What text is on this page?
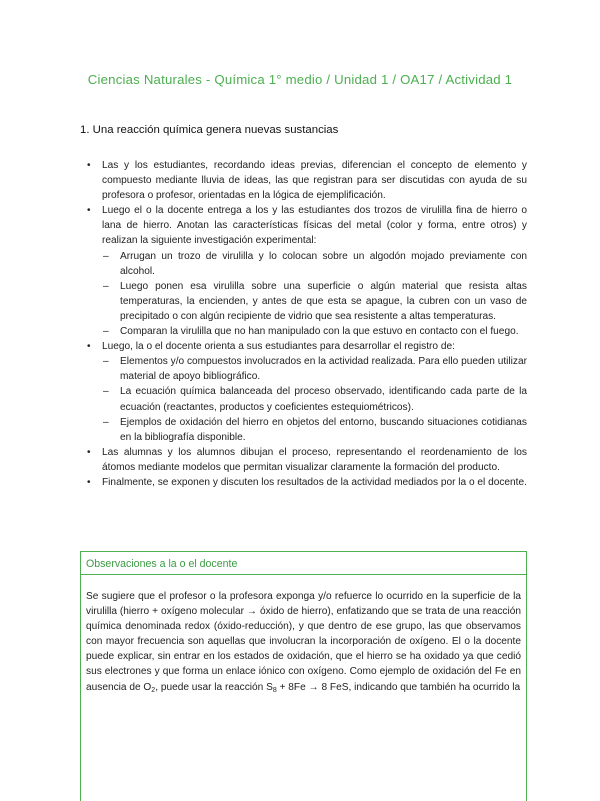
Ciencias Naturales - Química 1° medio / Unidad 1 / OA17 / Actividad 1
1. Una reacción química genera nuevas sustancias
• Las y los estudiantes, recordando ideas previas, diferencian el concepto de elemento y compuesto mediante lluvia de ideas, las que registran para ser discutidas con ayuda de su profesora o profesor, orientadas en la lógica de ejemplificación.
• Luego el o la docente entrega a los y las estudiantes dos trozos de virulilla fina de hierro o lana de hierro. Anotan las características físicas del metal (color y forma, entre otros) y realizan la siguiente investigación experimental:
– Arrugan un trozo de virulilla y lo colocan sobre un algodón mojado previamente con alcohol.
– Luego ponen esa virulilla sobre una superficie o algún material que resista altas temperaturas, la encienden, y antes de que esta se apague, la cubren con un vaso de precipitado o con algún recipiente de vidrio que sea resistente a altas temperaturas.
– Comparan la virulilla que no han manipulado con la que estuvo en contacto con el fuego.
• Luego, la o el docente orienta a sus estudiantes para desarrollar el registro de:
– Elementos y/o compuestos involucrados en la actividad realizada. Para ello pueden utilizar material de apoyo bibliográfico.
– La ecuación química balanceada del proceso observado, identificando cada parte de la ecuación (reactantes, productos y coeficientes estequiométricos).
– Ejemplos de oxidación del hierro en objetos del entorno, buscando situaciones cotidianas en la bibliografía disponible.
• Las alumnas y los alumnos dibujan el proceso, representando el reordenamiento de los átomos mediante modelos que permitan visualizar claramente la formación del producto.
• Finalmente, se exponen y discuten los resultados de la actividad mediados por la o el docente.
Observaciones a la o el docente
Se sugiere que el profesor o la profesora exponga y/o refuerce lo ocurrido en la superficie de la virulilla (hierro + oxígeno molecular → óxido de hierro), enfatizando que se trata de una reacción química denominada redox (óxido-reducción), y que dentro de ese grupo, las que observamos con mayor frecuencia son aquellas que involucran la incorporación de oxígeno. El o la docente puede explicar, sin entrar en los estados de oxidación, que el hierro se ha oxidado ya que cedió sus electrones y que forma un enlace iónico con oxígeno. Como ejemplo de oxidación del Fe en ausencia de $O_2$, puede usar la reacción $S_8 + 8Fe \to 8$ FeS, indicando que también ha ocurrido la
